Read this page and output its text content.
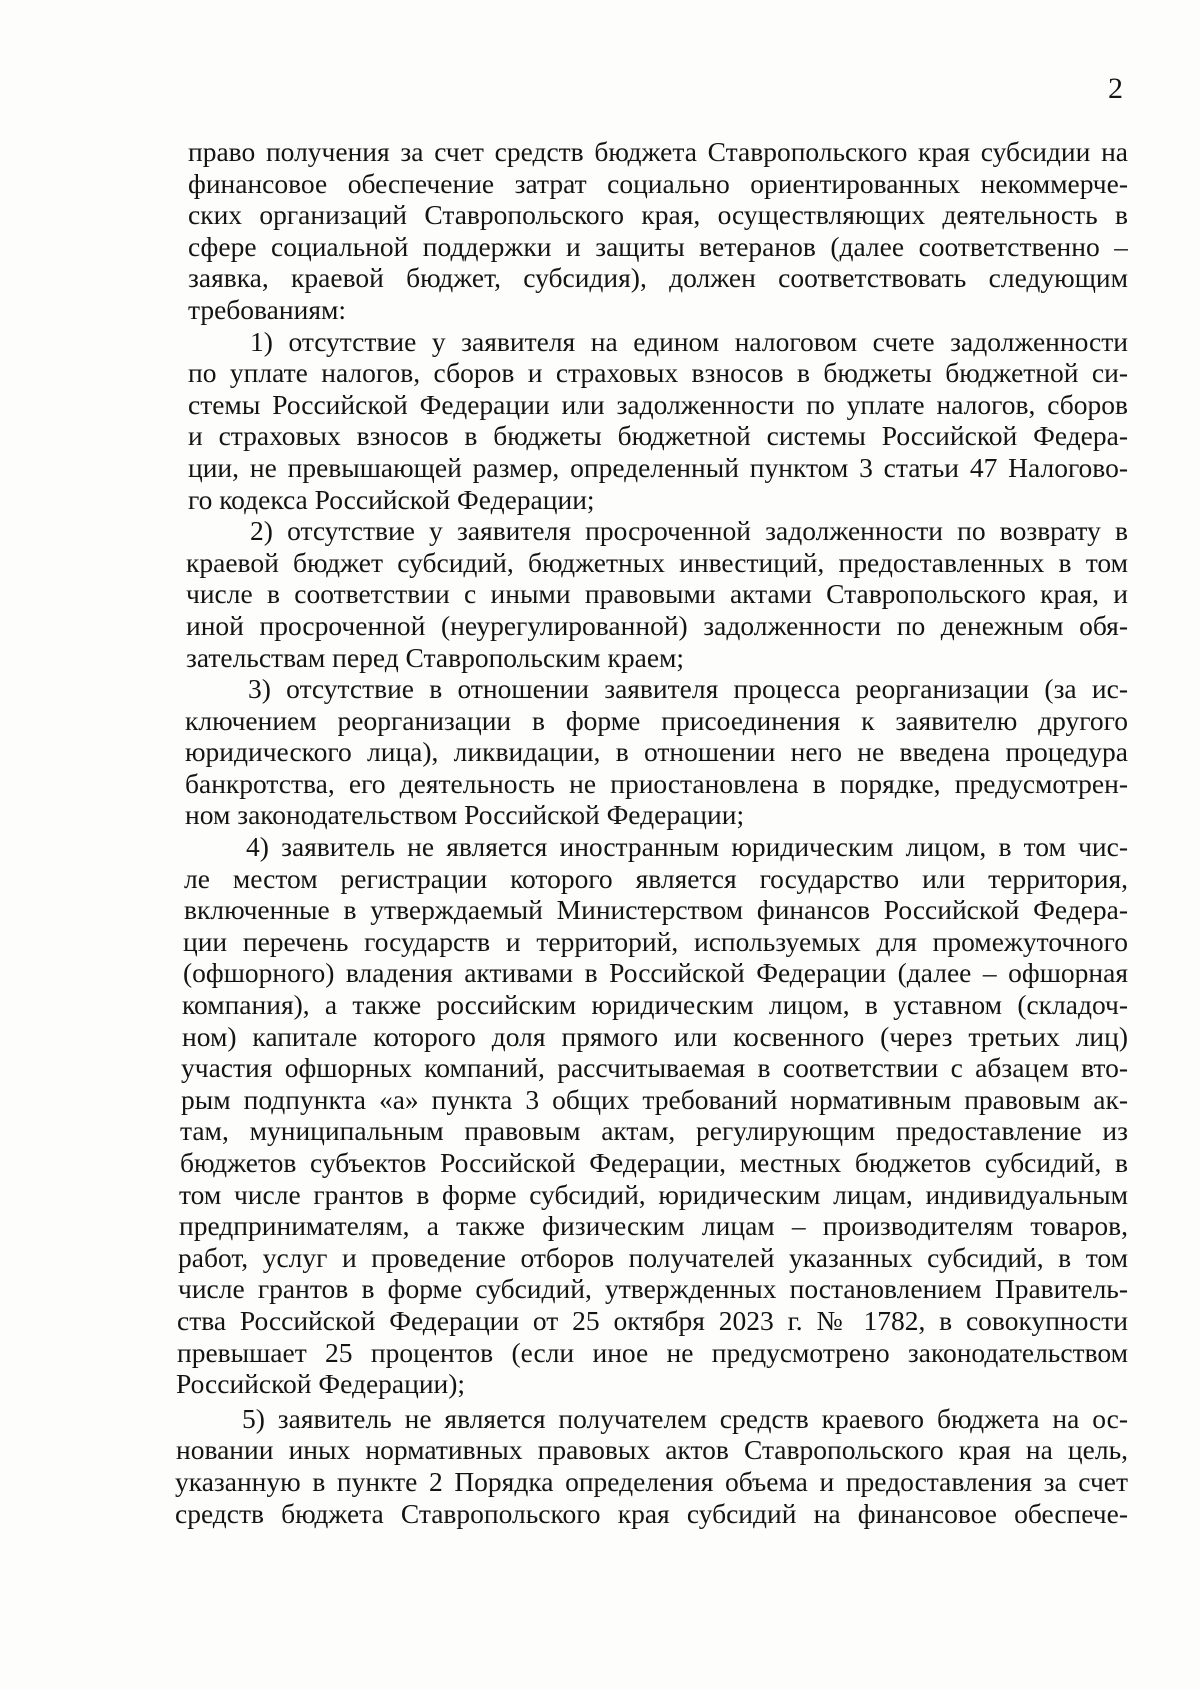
2
право получения за счет средств бюджета Ставропольского края субсидии на
финансовое обеспечение затрат социально ориентированных некоммерче-
ских организаций Ставропольского края, осуществляющих деятельность в
сфере социальной поддержки и защиты ветеранов (далее соответственно –
заявка, краевой бюджет, субсидия), должен соответствовать следующим
требованиям:
1) отсутствие у заявителя на едином налоговом счете задолженности
по уплате налогов, сборов и страховых взносов в бюджеты бюджетной си-
стемы Российской Федерации или задолженности по уплате налогов, сборов
и страховых взносов в бюджеты бюджетной системы Российской Федера-
ции, не превышающей размер, определенный пунктом 3 статьи 47 Налогово-
го кодекса Российской Федерации;
2) отсутствие у заявителя просроченной задолженности по возврату в
краевой бюджет субсидий, бюджетных инвестиций, предоставленных в том
числе в соответствии с иными правовыми актами Ставропольского края, и
иной просроченной (неурегулированной) задолженности по денежным обя-
зательствам перед Ставропольским краем;
3) отсутствие в отношении заявителя процесса реорганизации (за ис-
ключением реорганизации в форме присоединения к заявителю другого
юридического лица), ликвидации, в отношении него не введена процедура
банкротства, его деятельность не приостановлена в порядке, предусмотрен-
ном законодательством Российской Федерации;
4) заявитель не является иностранным юридическим лицом, в том чис-
ле местом регистрации которого является государство или территория,
включенные в утверждаемый Министерством финансов Российской Федера-
ции перечень государств и территорий, используемых для промежуточного
(офшорного) владения активами в Российской Федерации (далее – офшорная
компания), а также российским юридическим лицом, в уставном (складоч-
ном) капитале которого доля прямого или косвенного (через третьих лиц)
участия офшорных компаний, рассчитываемая в соответствии с абзацем вто-
рым подпункта «а» пункта 3 общих требований нормативным правовым ак-
там, муниципальным правовым актам, регулирующим предоставление из
бюджетов субъектов Российской Федерации, местных бюджетов субсидий, в
том числе грантов в форме субсидий, юридическим лицам, индивидуальным
предпринимателям, а также физическим лицам – производителям товаров,
работ, услуг и проведение отборов получателей указанных субсидий, в том
числе грантов в форме субсидий, утвержденных постановлением Правитель-
ства Российской Федерации от 25 октября 2023 г. № 1782, в совокупности
превышает 25 процентов (если иное не предусмотрено законодательством
Российской Федерации);
5) заявитель не является получателем средств краевого бюджета на ос-
новании иных нормативных правовых актов Ставропольского края на цель,
указанную в пункте 2 Порядка определения объема и предоставления за счет
средств бюджета Ставропольского края субсидий на финансовое обеспече-
